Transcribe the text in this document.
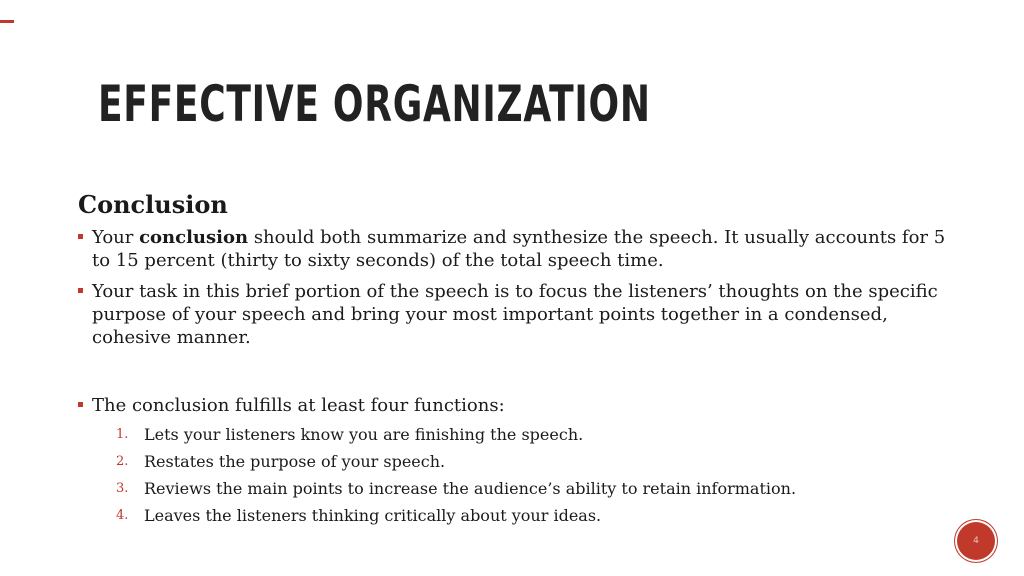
EFFECTIVE ORGANIZATION
Conclusion
Your conclusion should both summarize and synthesize the speech. It usually accounts for 5 to 15 percent (thirty to sixty seconds) of the total speech time.
Your task in this brief portion of the speech is to focus the listeners’ thoughts on the specific purpose of your speech and bring your most important points together in a condensed, cohesive manner.
The conclusion fulfills at least four functions:
1. Lets your listeners know you are finishing the speech.
2. Restates the purpose of your speech.
3. Reviews the main points to increase the audience’s ability to retain information.
4. Leaves the listeners thinking critically about your ideas.
4
